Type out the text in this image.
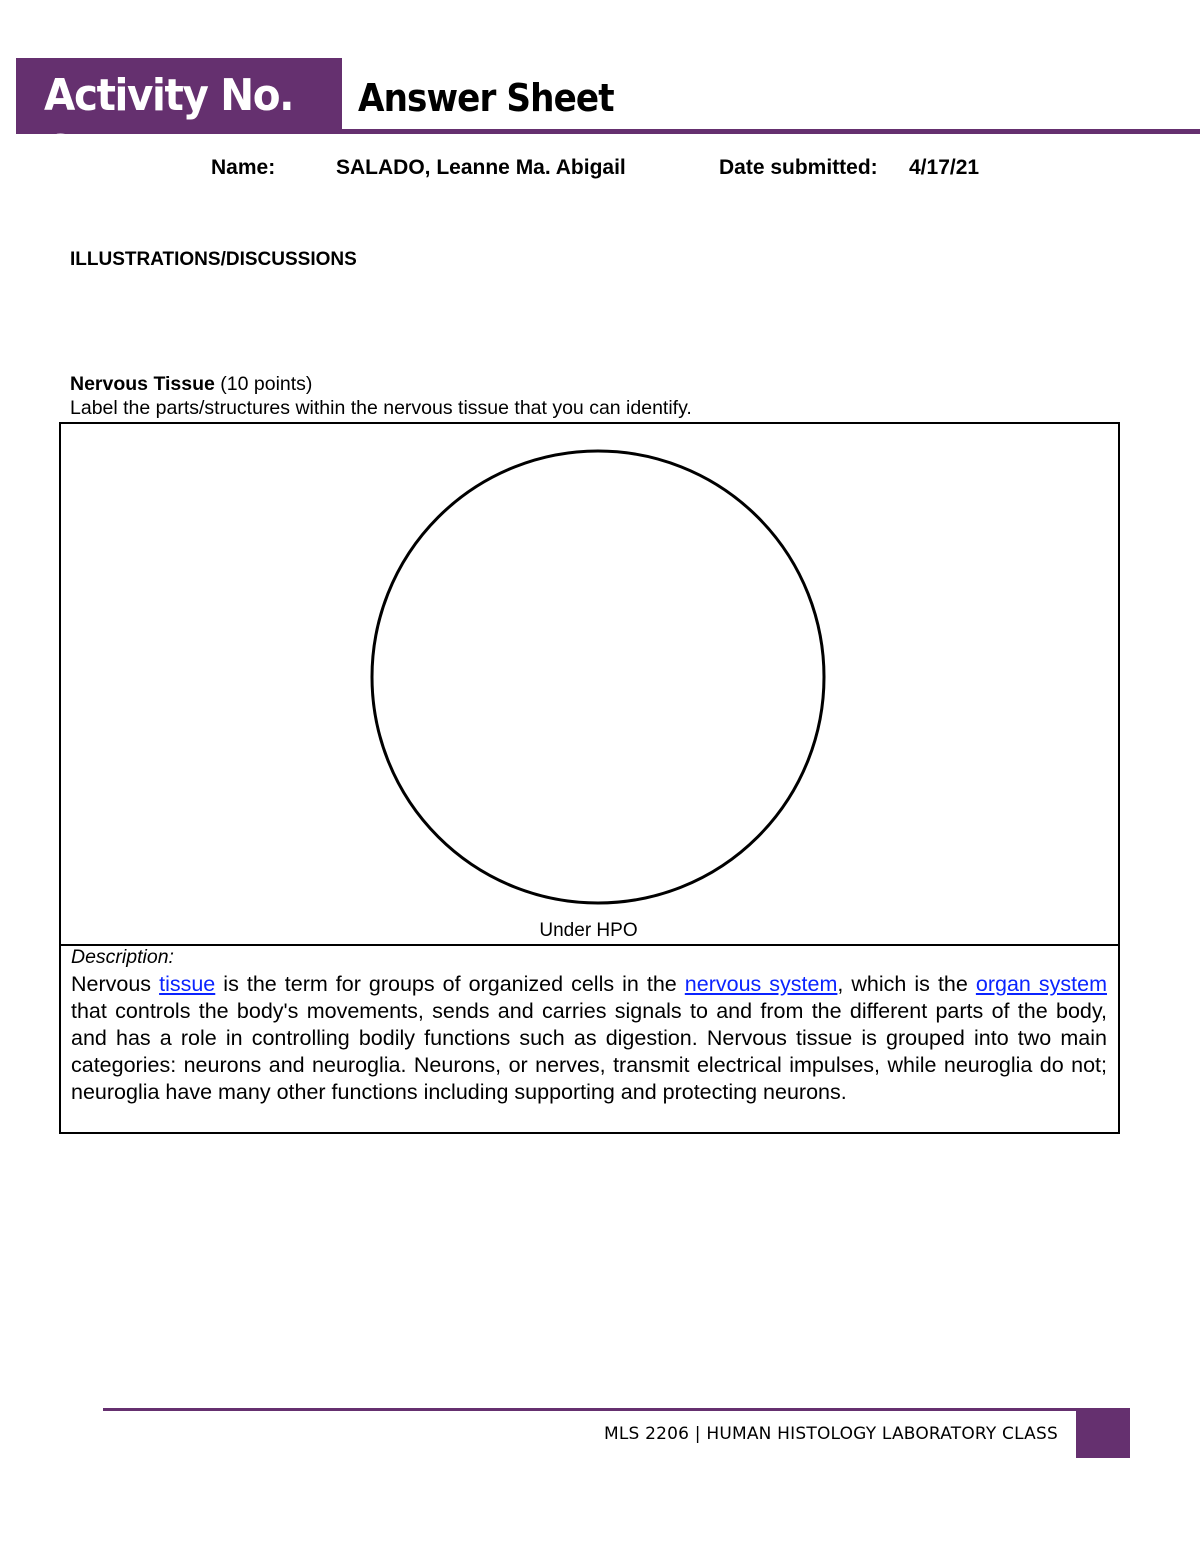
Activity No. 6
Answer Sheet
Name:	SALADO, Leanne Ma. Abigail	Date submitted: 4/17/21
ILLUSTRATIONS/DISCUSSIONS
Nervous Tissue (10 points)
Label the parts/structures within the nervous tissue that you can identify.
Under HPO
Description:
Nervous tissue is the term for groups of organized cells in the nervous system, which is the organ system that controls the body's movements, sends and carries signals to and from the different parts of the body, and has a role in controlling bodily functions such as digestion. Nervous tissue is grouped into two main categories: neurons and neuroglia. Neurons, or nerves, transmit electrical impulses, while neuroglia do not; neuroglia have many other functions including supporting and protecting neurons.
MLS 2206 | HUMAN HISTOLOGY LABORATORY CLASS
